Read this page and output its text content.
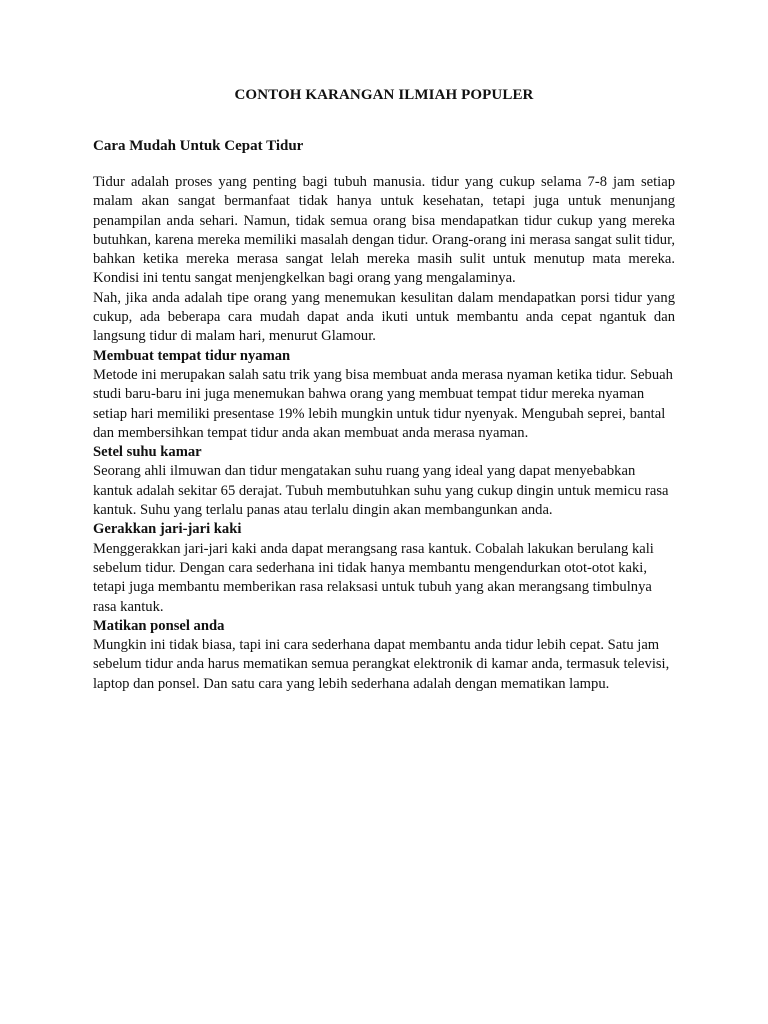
CONTOH KARANGAN ILMIAH POPULER
Cara Mudah Untuk Cepat Tidur

Tidur adalah proses yang penting bagi tubuh manusia. tidur yang cukup selama 7-8 jam setiap malam akan sangat bermanfaat tidak hanya untuk kesehatan, tetapi juga untuk menunjang penampilan anda sehari. Namun, tidak semua orang bisa mendapatkan tidur cukup yang mereka butuhkan, karena mereka memiliki masalah dengan tidur. Orang-orang ini merasa sangat sulit tidur, bahkan ketika mereka merasa sangat lelah mereka masih sulit untuk menutup mata mereka. Kondisi ini tentu sangat menjengkelkan bagi orang yang mengalaminya.

Nah, jika anda adalah tipe orang yang menemukan kesulitan dalam mendapatkan porsi tidur yang cukup, ada beberapa cara mudah dapat anda ikuti untuk membantu anda cepat ngantuk dan langsung tidur di malam hari, menurut Glamour.

Membuat tempat tidur nyaman

Metode ini merupakan salah satu trik yang bisa membuat anda merasa nyaman ketika tidur. Sebuah studi baru-baru ini juga menemukan bahwa orang yang membuat tempat tidur mereka nyaman setiap hari memiliki presentase 19% lebih mungkin untuk tidur nyenyak. Mengubah seprei, bantal dan membersihkan tempat tidur anda akan membuat anda merasa nyaman.

Setel suhu kamar

Seorang ahli ilmuwan dan tidur mengatakan suhu ruang yang ideal yang dapat menyebabkan kantuk adalah sekitar 65 derajat. Tubuh membutuhkan suhu yang cukup dingin untuk memicu rasa kantuk. Suhu yang terlalu panas atau terlalu dingin akan membangunkan anda.

Gerakkan jari-jari kaki

Menggerakkan jari-jari kaki anda dapat merangsang rasa kantuk. Cobalah lakukan berulang kali sebelum tidur. Dengan cara sederhana ini tidak hanya membantu mengendurkan otot-otot kaki, tetapi juga membantu memberikan rasa relaksasi untuk tubuh yang akan merangsang timbulnya rasa kantuk.

Matikan ponsel anda

Mungkin ini tidak biasa, tapi ini cara sederhana dapat membantu anda tidur lebih cepat. Satu jam sebelum tidur anda harus mematikan semua perangkat elektronik di kamar anda, termasuk televisi, laptop dan ponsel. Dan satu cara yang lebih sederhana adalah dengan mematikan lampu.
